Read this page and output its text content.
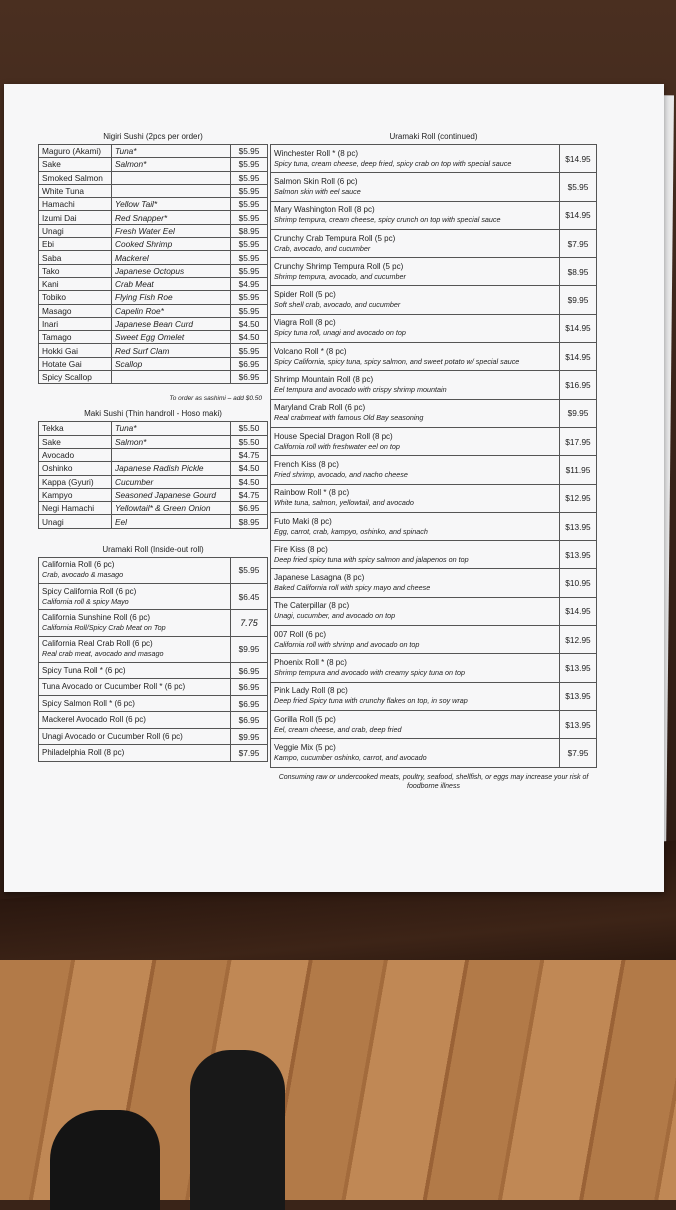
Nigiri Sushi (2pcs per order)
Maguro (Akami)	Tuna*	$5.95
Sake	Salmon*	$5.95
Smoked Salmon		$5.95
White Tuna		$5.95
Hamachi	Yellow Tail*	$5.95
Izumi Dai	Red Snapper*	$5.95
Unagi	Fresh Water Eel	$8.95
Ebi	Cooked Shrimp	$5.95
Saba	Mackerel	$5.95
Tako	Japanese Octopus	$5.95
Kani	Crab Meat	$4.95
Tobiko	Flying Fish Roe	$5.95
Masago	Capelin Roe*	$5.95
Inari	Japanese Bean Curd	$4.50
Tamago	Sweet Egg Omelet	$4.50
Hokki Gai	Red Surf Clam	$5.95
Hotate Gai	Scallop	$6.95
Spicy Scallop		$6.95
To order as sashimi – add $0.50
Maki Sushi (Thin handroll - Hoso maki)
Tekka	Tuna*	$5.50
Sake	Salmon*	$5.50
Avocado		$4.75
Oshinko	Japanese Radish Pickle	$4.50
Kappa (Gyuri)	Cucumber	$4.50
Kampyo	Seasoned Japanese Gourd	$4.75
Negi Hamachi	Yellowtail* & Green Onion	$6.95
Unagi	Eel	$8.95
Uramaki Roll (Inside-out roll)
California Roll (6 pc)
Crab, avocado & masago	$5.95

Spicy California Roll (6 pc)
California roll & spicy Mayo	$6.45

California Sunshine Roll (6 pc)
California Roll/Spicy Crab Meat on Top	7.75

California Real Crab Roll (6 pc)
Real crab meat, avocado and masago	$9.95

Spicy Tuna Roll * (6 pc)	$6.95

Tuna Avocado or Cucumber Roll * (6 pc)	$6.95

Spicy Salmon Roll * (6 pc)	$6.95

Mackerel Avocado Roll (6 pc)	$6.95

Unagi Avocado or Cucumber Roll (6 pc)	$9.95

Philadelphia Roll (8 pc)	$7.95
Uramaki Roll (continued)
Winchester Roll * (8 pc)
Spicy tuna, cream cheese, deep fried, spicy crab on top with special sauce	$14.95

Salmon Skin Roll (6 pc)
Salmon skin with eel sauce	$5.95

Mary Washington Roll (8 pc)
Shrimp tempura, cream cheese, spicy crunch on top with special sauce	$14.95

Crunchy Crab Tempura Roll (5 pc)
Crab, avocado, and cucumber	$7.95

Crunchy Shrimp Tempura Roll (5 pc)
Shrimp tempura, avocado, and cucumber	$8.95

Spider Roll (5 pc)
Soft shell crab, avocado, and cucumber	$9.95

Viagra Roll (8 pc)
Spicy tuna roll, unagi and avocado on top	$14.95

Volcano Roll * (8 pc)
Spicy California, spicy tuna, spicy salmon, and sweet potato w/ special sauce	$14.95

Shrimp Mountain Roll (8 pc)
Eel tempura and avocado with crispy shrimp mountain	$16.95

Maryland Crab Roll (6 pc)
Real crabmeat with famous Old Bay seasoning	$9.95

House Special Dragon Roll (8 pc)
California roll with freshwater eel on top	$17.95

French Kiss (8 pc)
Fried shrimp, avocado, and nacho cheese	$11.95

Rainbow Roll * (8 pc)
White tuna, salmon, yellowtail, and avocado	$12.95

Futo Maki (8 pc)
Egg, carrot, crab, kampyo, oshinko, and spinach	$13.95

Fire Kiss (8 pc)
Deep fried spicy tuna with spicy salmon and jalapenos on top	$13.95

Japanese Lasagna (8 pc)
Baked California roll with spicy mayo and cheese	$10.95

The Caterpillar (8 pc)
Unagi, cucumber, and avocado on top	$14.95

007 Roll (6 pc)
California roll with shrimp and avocado on top	$12.95

Phoenix Roll * (8 pc)
Shrimp tempura and avocado with creamy spicy tuna on top	$13.95

Pink Lady Roll (8 pc)
Deep fried Spicy tuna with crunchy flakes on top, in soy wrap	$13.95

Gorilla Roll (5 pc)
Eel, cream cheese, and crab, deep fried	$13.95

Veggie Mix (5 pc)
Kampo, cucumber oshinko, carrot, and avocado	$7.95
Consuming raw or undercooked meats, poultry, seafood, shellfish, or eggs may increase your risk of foodborne illness
